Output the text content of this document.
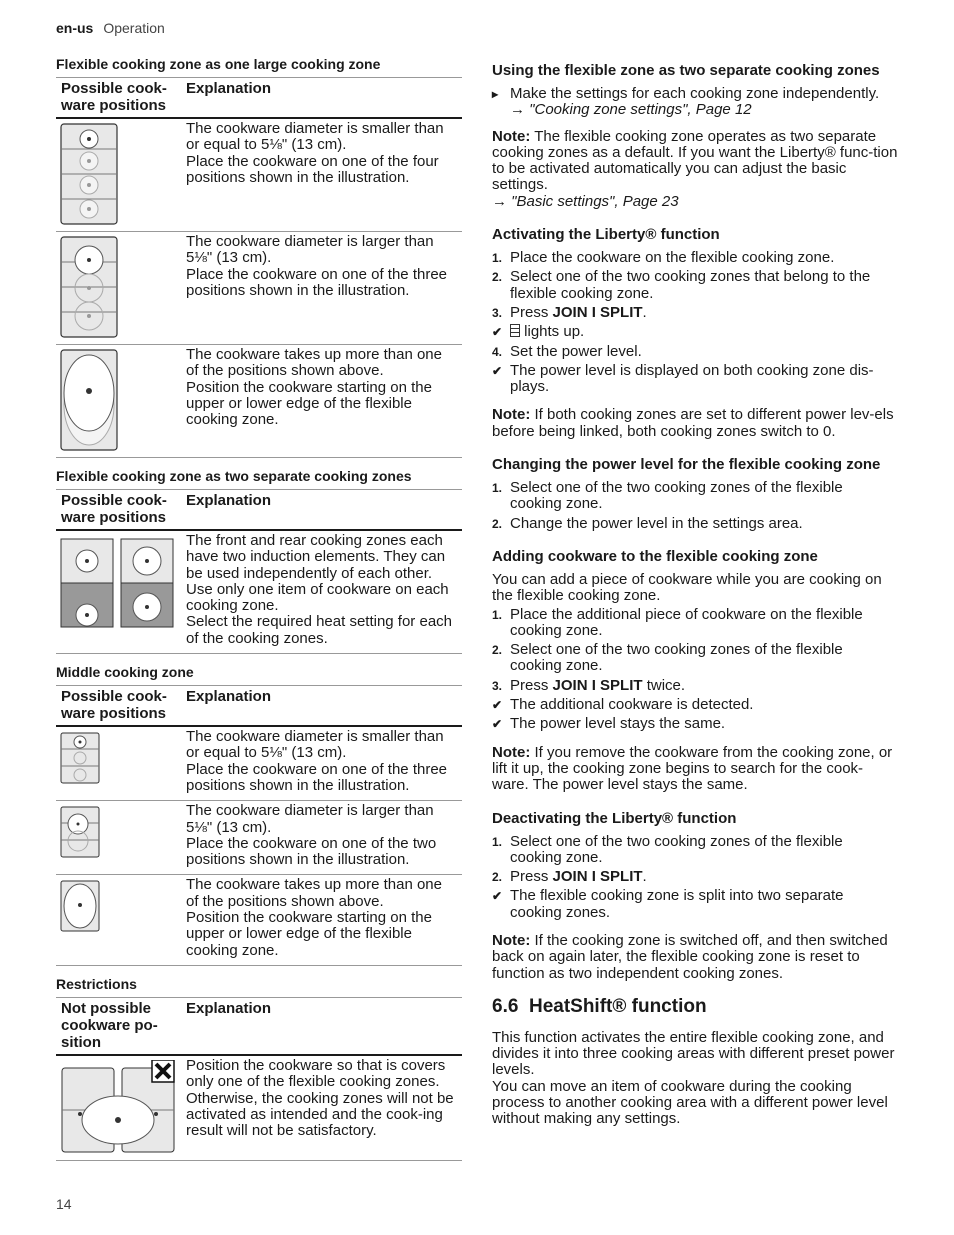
en-us Operation
Flexible cooking zone as one large cooking zone
Possible cook-
ware positions	Explanation

	The cookware diameter is smaller than or equal to 5⅛" (13 cm).
Place the cookware on one of the four positions shown in the illustration.

	The cookware diameter is larger than 5⅛" (13 cm).
Place the cookware on one of the three positions shown in the illustration.

	The cookware takes up more than one of the positions shown above.
Position the cookware starting on the upper or lower edge of the flexible cooking zone.
Flexible cooking zone as two separate cooking zones
Possible cook-
ware positions	Explanation

	The front and rear cooking zones each have two induction elements. They can be used independently of each other.
Use only one item of cookware on each cooking zone.
Select the required heat setting for each of the cooking zones.
Middle cooking zone
Possible cook-
ware positions	Explanation

	The cookware diameter is smaller than or equal to 5⅛" (13 cm).
Place the cookware on one of the three positions shown in the illustration.

	The cookware diameter is larger than 5⅛" (13 cm).
Place the cookware on one of the two positions shown in the illustration.

	The cookware takes up more than one of the positions shown above.
Position the cookware starting on the upper or lower edge of the flexible cooking zone.
Restrictions
Not possible
cookware po-
sition	Explanation

	Position the cookware so that is covers only one of the flexible cooking zones. Otherwise, the cooking zones will not be activated as intended and the cook-ing result will not be satisfactory.
Using the flexible zone as two separate cooking zones
▸ Make the settings for each cooking zone independently.
→ "Cooking zone settings", Page 12

Note: The flexible cooking zone operates as two separate cooking zones as a default. If you want the Liberty® func-tion to be activated automatically you can adjust the basic settings.
→ "Basic settings", Page 23

Activating the Liberty® function
1. Place the cookware on the flexible cooking zone.
2. Select one of the two cooking zones that belong to the flexible cooking zone.
3. Press JOIN I SPLIT.
✔ lights up.
4. Set the power level.
✔ The power level is displayed on both cooking zone dis-plays.

Note: If both cooking zones are set to different power lev-els before being linked, both cooking zones switch to 0.

Changing the power level for the flexible cooking zone
1. Select one of the two cooking zones of the flexible cooking zone.
2. Change the power level in the settings area.
Adding cookware to the flexible cooking zone

You can add a piece of cookware while you are cooking on the flexible cooking zone.

1. Place the additional piece of cookware on the flexible cooking zone.
2. Select one of the two cooking zones of the flexible cooking zone.
3. Press JOIN I SPLIT twice.
✔ The additional cookware is detected.
✔ The power level stays the same.

Note: If you remove the cookware from the cooking zone, or lift it up, the cooking zone begins to search for the cook-ware. The power level stays the same.

Deactivating the Liberty® function
1. Select one of the two cooking zones of the flexible cooking zone.
2. Press JOIN I SPLIT.
✔ The flexible cooking zone is split into two separate cooking zones.

Note: If the cooking zone is switched off, and then switched back on again later, the flexible cooking zone is reset to function as two independent cooking zones.

6.6  HeatShift® function

This function activates the entire flexible cooking zone, and divides it into three cooking areas with different preset power levels.

You can move an item of cookware during the cooking process to another cooking area with a different power level without making any settings.

14
